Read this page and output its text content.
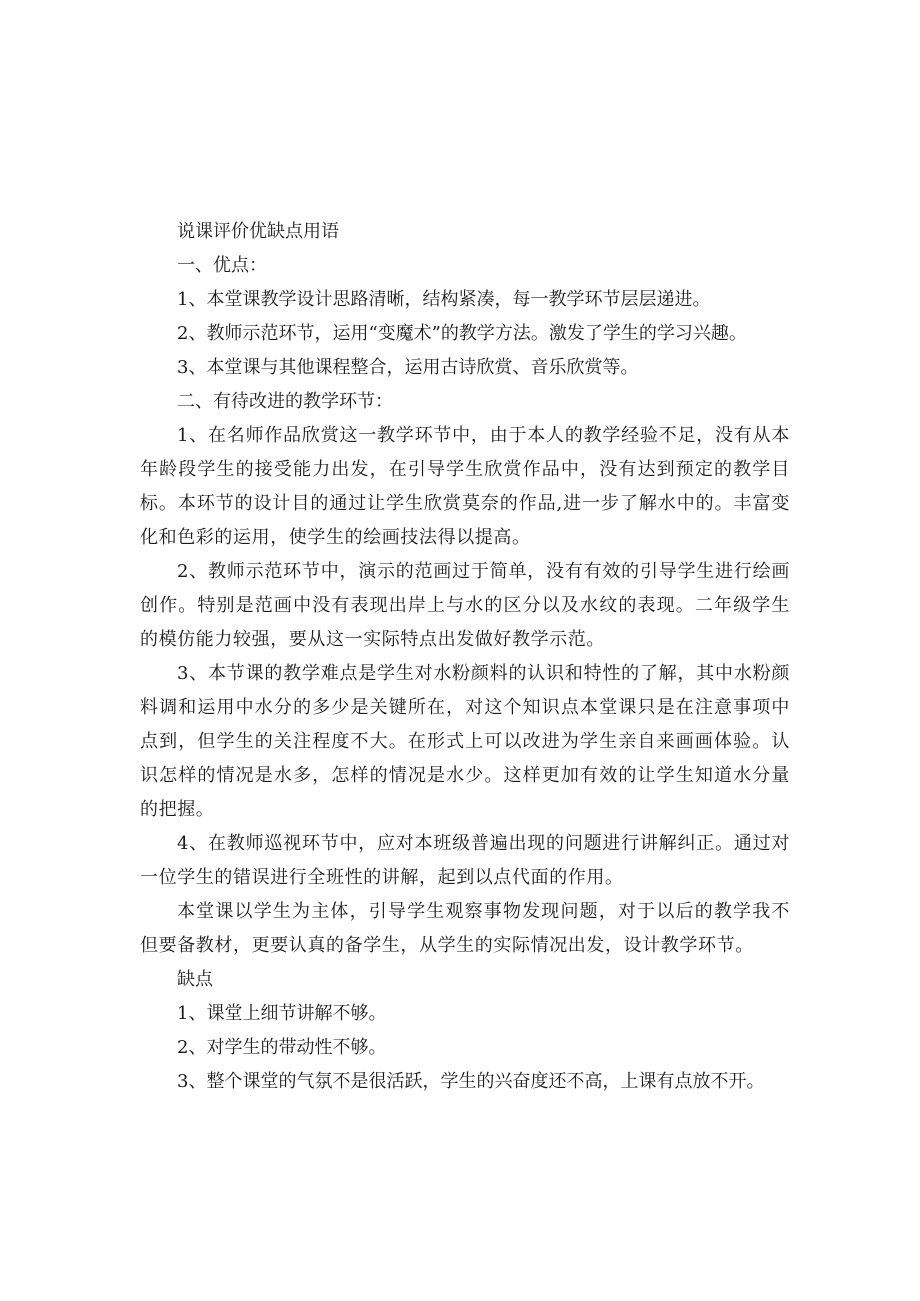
说课评价优缺点用语

一、优点：

1、本堂课教学设计思路清晰，结构紧凑，每一教学环节层层递进。

2、教师示范环节，运用“变魔术”的教学方法。激发了学生的学习兴趣。

3、本堂课与其他课程整合，运用古诗欣赏、音乐欣赏等。

二、有待改进的教学环节：

1、在名师作品欣赏这一教学环节中，由于本人的教学经验不足，没有从本年龄段学生的接受能力出发，在引导学生欣赏作品中，没有达到预定的教学目标。本环节的设计目的通过让学生欣赏莫奈的作品,进一步了解水中的。丰富变化和色彩的运用，使学生的绘画技法得以提高。

2、教师示范环节中，演示的范画过于简单，没有有效的引导学生进行绘画创作。特别是范画中没有表现出岸上与水的区分以及水纹的表现。二年级学生的模仿能力较强，要从这一实际特点出发做好教学示范。

3、本节课的教学难点是学生对水粉颜料的认识和特性的了解，其中水粉颜料调和运用中水分的多少是关键所在，对这个知识点本堂课只是在注意事项中点到，但学生的关注程度不大。在形式上可以改进为学生亲自来画画体验。认识怎样的情况是水多，怎样的情况是水少。这样更加有效的让学生知道水分量的把握。

4、在教师巡视环节中，应对本班级普遍出现的问题进行讲解纠正。通过对一位学生的错误进行全班性的讲解，起到以点代面的作用。

本堂课以学生为主体，引导学生观察事物发现问题，对于以后的教学我不但要备教材，更要认真的备学生，从学生的实际情况出发，设计教学环节。

缺点

1、课堂上细节讲解不够。

2、对学生的带动性不够。

3、整个课堂的气氛不是很活跃，学生的兴奋度还不高，上课有点放不开。
